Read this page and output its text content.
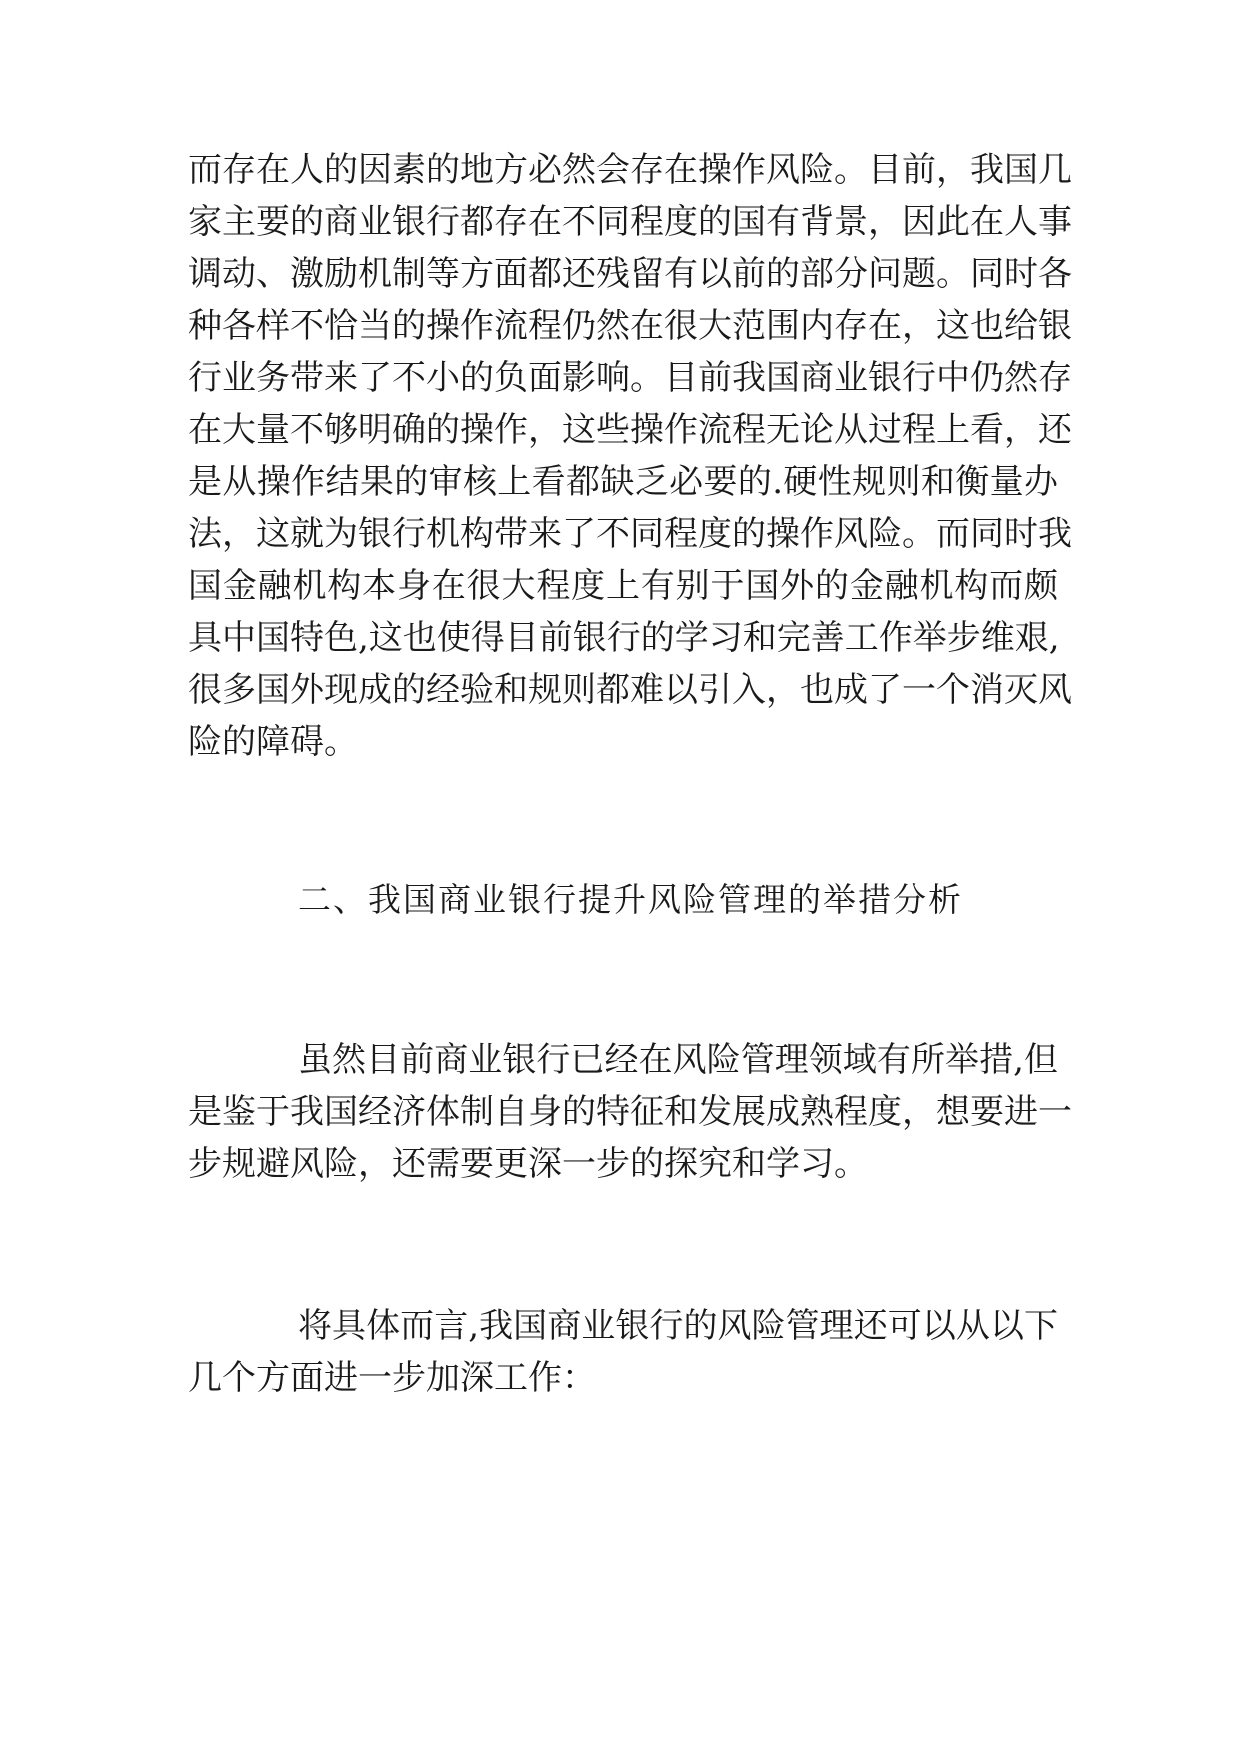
而存在人的因素的地方必然会存在操作风险。目前，我国几
家主要的商业银行都存在不同程度的国有背景，因此在人事
调动、激励机制等方面都还残留有以前的部分问题。同时各
种各样不恰当的操作流程仍然在很大范围内存在，这也给银
行业务带来了不小的负面影响。目前我国商业银行中仍然存
在大量不够明确的操作，这些操作流程无论从过程上看，还
是从操作结果的审核上看都缺乏必要的.硬性规则和衡量办
法，这就为银行机构带来了不同程度的操作风险。而同时我
国金融机构本身在很大程度上有别于国外的金融机构而颇
具中国特色,这也使得目前银行的学习和完善工作举步维艰,
很多国外现成的经验和规则都难以引入，也成了一个消灭风
险的障碍。
二、我国商业银行提升风险管理的举措分析
虽然目前商业银行已经在风险管理领域有所举措,但
是鉴于我国经济体制自身的特征和发展成熟程度，想要进一
步规避风险，还需要更深一步的探究和学习。
将具体而言,我国商业银行的风险管理还可以从以下
几个方面进一步加深工作：
